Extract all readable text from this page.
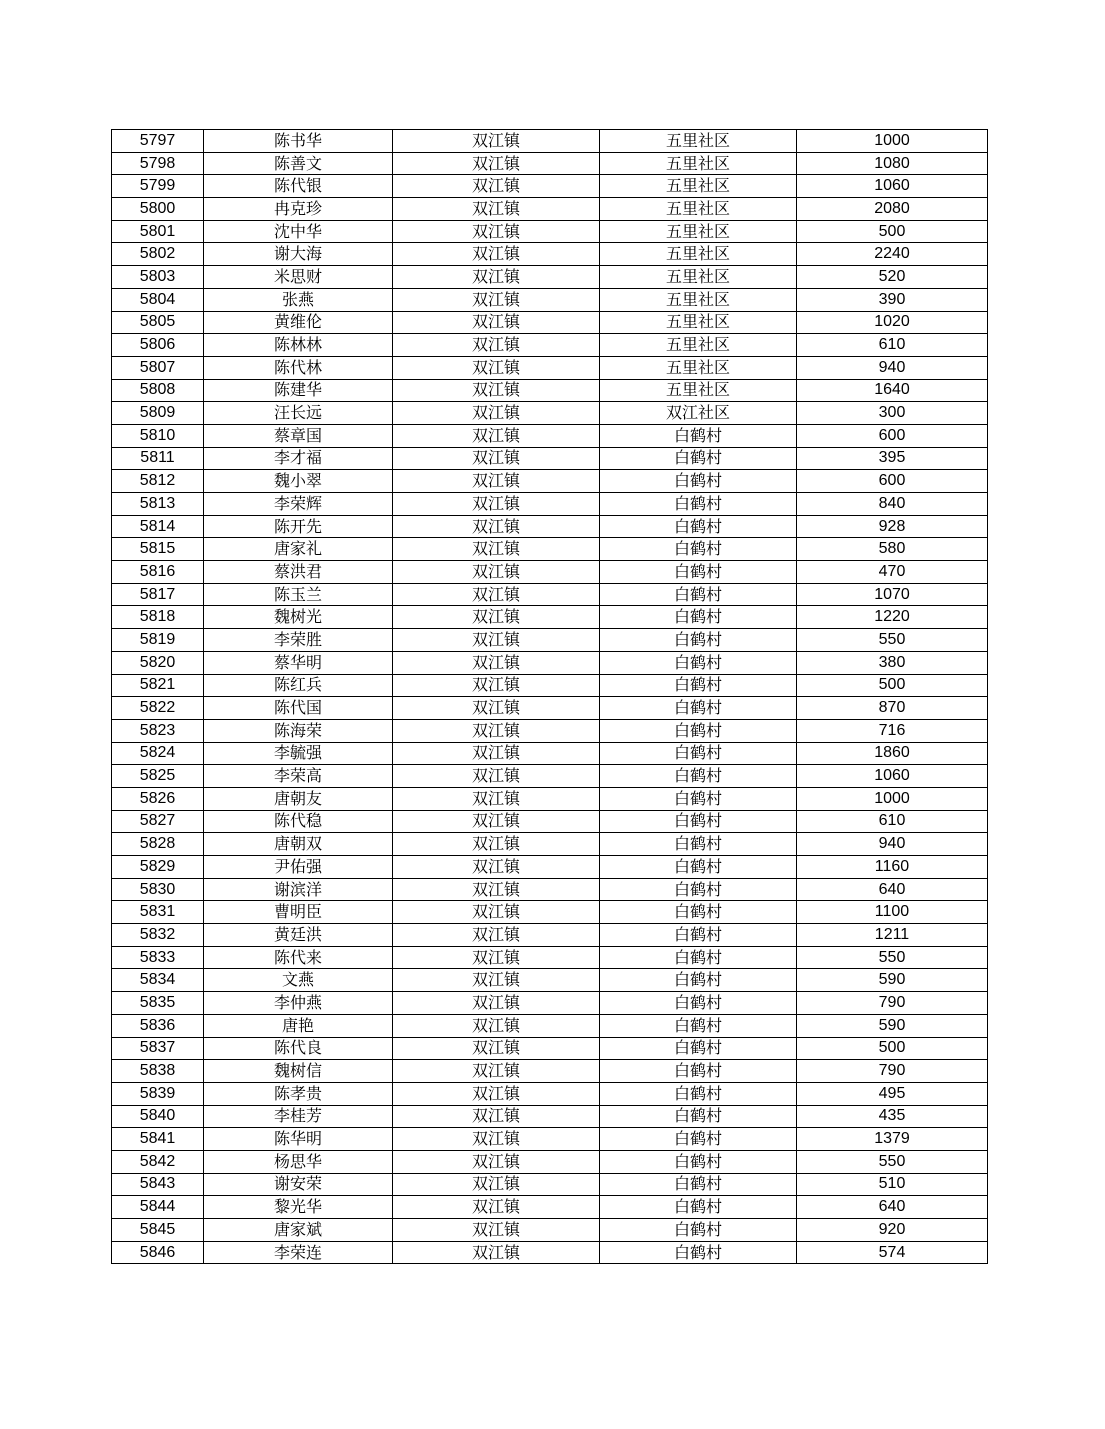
5797	陈书华	双江镇	五里社区	1000
5798	陈善文	双江镇	五里社区	1080
5799	陈代银	双江镇	五里社区	1060
5800	冉克珍	双江镇	五里社区	2080
5801	沈中华	双江镇	五里社区	500
5802	谢大海	双江镇	五里社区	2240
5803	米思财	双江镇	五里社区	520
5804	张燕	双江镇	五里社区	390
5805	黄维伦	双江镇	五里社区	1020
5806	陈林林	双江镇	五里社区	610
5807	陈代林	双江镇	五里社区	940
5808	陈建华	双江镇	五里社区	1640
5809	汪长远	双江镇	双江社区	300
5810	蔡章国	双江镇	白鹤村	600
5811	李才福	双江镇	白鹤村	395
5812	魏小翠	双江镇	白鹤村	600
5813	李荣辉	双江镇	白鹤村	840
5814	陈开先	双江镇	白鹤村	928
5815	唐家礼	双江镇	白鹤村	580
5816	蔡洪君	双江镇	白鹤村	470
5817	陈玉兰	双江镇	白鹤村	1070
5818	魏树光	双江镇	白鹤村	1220
5819	李荣胜	双江镇	白鹤村	550
5820	蔡华明	双江镇	白鹤村	380
5821	陈红兵	双江镇	白鹤村	500
5822	陈代国	双江镇	白鹤村	870
5823	陈海荣	双江镇	白鹤村	716
5824	李毓强	双江镇	白鹤村	1860
5825	李荣高	双江镇	白鹤村	1060
5826	唐朝友	双江镇	白鹤村	1000
5827	陈代稳	双江镇	白鹤村	610
5828	唐朝双	双江镇	白鹤村	940
5829	尹佑强	双江镇	白鹤村	1160
5830	谢滨洋	双江镇	白鹤村	640
5831	曹明臣	双江镇	白鹤村	1100
5832	黄廷洪	双江镇	白鹤村	1211
5833	陈代来	双江镇	白鹤村	550
5834	文燕	双江镇	白鹤村	590
5835	李仲燕	双江镇	白鹤村	790
5836	唐艳	双江镇	白鹤村	590
5837	陈代良	双江镇	白鹤村	500
5838	魏树信	双江镇	白鹤村	790
5839	陈孝贵	双江镇	白鹤村	495
5840	李桂芳	双江镇	白鹤村	435
5841	陈华明	双江镇	白鹤村	1379
5842	杨思华	双江镇	白鹤村	550
5843	谢安荣	双江镇	白鹤村	510
5844	黎光华	双江镇	白鹤村	640
5845	唐家斌	双江镇	白鹤村	920
5846	李荣连	双江镇	白鹤村	574
